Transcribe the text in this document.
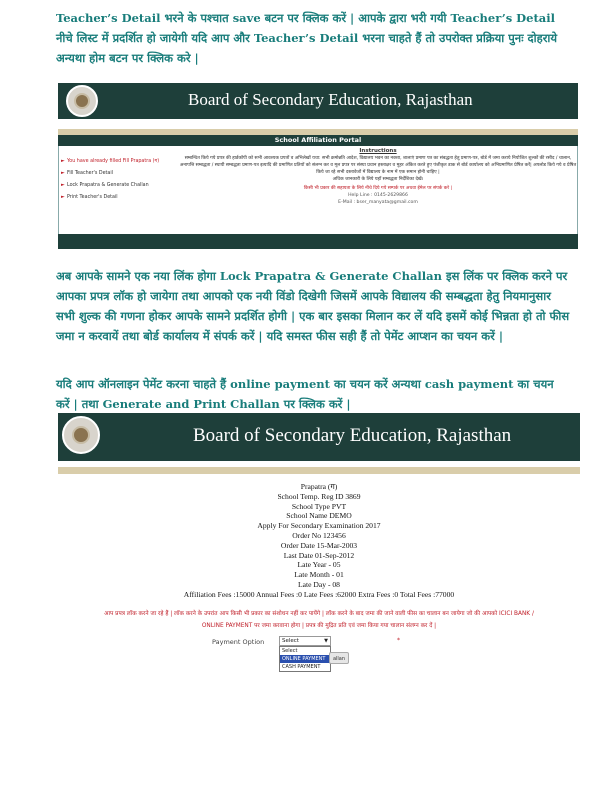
Teacher’s Detail भरने के पश्चात save बटन पर क्लिक करें | आपके द्वारा भरी गयी Teacher’s Detail नीचे लिस्ट में प्रदर्शित हो जायेगी यदि आप और Teacher’s Detail भरना चाहते हैं तो उपरोक्त प्रक्रिया पुनः दोहराये अन्यथा होम बटन पर क्लिक करे |

Board of Secondary Education, Rajasthan
School Affiliation Portal
► You have already filled Fill Prapatra (ग)
► Fill Teacher's Detail
► Lock Prapatra & Generate Challan
► Print Teacher's Detail
Instructions
सम्बन्धित किये गये प्रपत्र की हार्डकॉपी को सभी आवश्यक प्रपत्रों व अभिलेखों यथा: सभी क्रमोन्नति आदेश, विद्यालय भवन का नक्शा, शालाएं प्रमाण पत्र का संबद्धता हेतु प्रमाण-पत्र, बोर्ड में जमा कराये नियोजित शुल्कों की रसीद / चालान, अनापत्ति सम्बद्धता / स्थायी सम्बद्धता प्रमाण-पत्र इत्यादि की प्रमाणित प्रतियों को संलग्न कर व मूल प्रपत्र पर संस्था प्रधान हस्ताक्षर व मुहर अंकित करते हुए पंजीकृत डाक से बोर्ड कार्यालय को अभिप्रमाणित प्रेषित करें| अपलोड किये गये व प्रेषित किये जा रहे सभी दस्तावेजों में विद्यालय के नाम में एक समान होनी चाहिए |
अधिक जानकारी के लिये यहाँ सम्बद्धता निर्देशिका देखें।
किसी भी प्रकार की सहायता के लिये नीचे दिये गये सम्पर्क पर अथवा ईमेल पर संपर्क करे |
Help Line : 0145-2629866
E-Mail : bser_manyata@gmail.com

अब आपके सामने एक नया लिंक होगा Lock Prapatra & Generate Challan इस लिंक पर क्लिक करने पर आपका प्रपत्र लॉक हो जायेगा तथा आपको एक नयी विंडो दिखेगी जिसमें आपके विद्यालय की सम्बद्धता हेतु नियमानुसार सभी शुल्क की गणना होकर आपके सामने प्रदर्शित होगी | एक बार इसका मिलान कर लें यदि इसमें कोई भिन्नता हो तो फीस जमा न करवायें तथा बोर्ड कार्यालय में संपर्क करें | यदि समस्त फीस सही हैं तो पेमेंट आप्शन का चयन करें |

यदि आप ऑनलाइन पेमेंट करना चाहते हैं online payment का चयन करें अन्यथा cash payment का चयन करें | तथा Generate and Print Challan पर क्लिक करें |

Board of Secondary Education, Rajasthan
Prapatra (ग)
School Temp. Reg ID 3869
School Type PVT
School Name DEMO
Apply For Secondary Examination 2017
Order No 123456
Order Date 15-Mar-2003
Last Date 01-Sep-2012
Late Year - 05
Late Month - 01
Late Day - 08
Affiliation Fees :15000 Annual Fees :0 Late Fees :62000 Extra Fees :0 Total Fees :77000
आप प्रपत्र लॉक करने जा रहे हैं | लॉक करने के उपरांत आप किसी भी प्रकार का संशोधन नहीं कर पायेंगे | लॉक करने के बाद जमा की जाने वाली फीस का चालान बन जायेगा जो की आपको ICICI BANK /
ONLINE PAYMENT पर जमा करवाना होगा | प्रपत्र की मुद्रित प्रति एवं जमा किया गया चालान संलग्न कर दें |
Payment Option	Select	▼
Select
ONLINE PAYMENT
CASH PAYMENT
allan
*
